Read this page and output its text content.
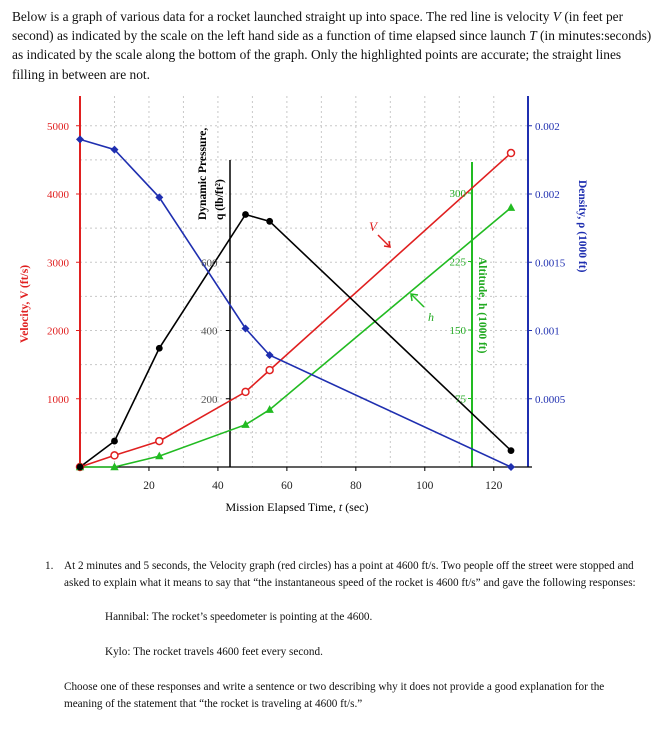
Below is a graph of various data for a rocket launched straight up into space. The red line is velocity V (in feet per second) as indicated by the scale on the left hand side as a function of time elapsed since launch T (in minutes:seconds) as indicated by the scale along the bottom of the graph. Only the highlighted points are accurate; the straight lines filling in between are not.

1000
2000
3000
4000
5000
Velocity, V (ft/s)
Dynamic Pressure, q (lb/ft²)
200
400
600
75
150
225
300
Altitude, h (1000 ft)
0.0005
0.001
0.0015
0.002
0.002
Density, ρ (1000 ft)
V
h
20	40	60	80	100	120
Mission Elapsed Time, t (sec)
1. At 2 minutes and 5 seconds, the Velocity graph (red circles) has a point at 4600 ft/s. Two people off the street were stopped and asked to explain what it means to say that “the instantaneous speed of the rocket is 4600 ft/s” and gave the following responses:

Hannibal: The rocket’s speedometer is pointing at the 4600.

Kylo: The rocket travels 4600 feet every second.

Choose one of these responses and write a sentence or two describing why it does not provide a good explanation for the meaning of the statement that “the rocket is traveling at 4600 ft/s.”
